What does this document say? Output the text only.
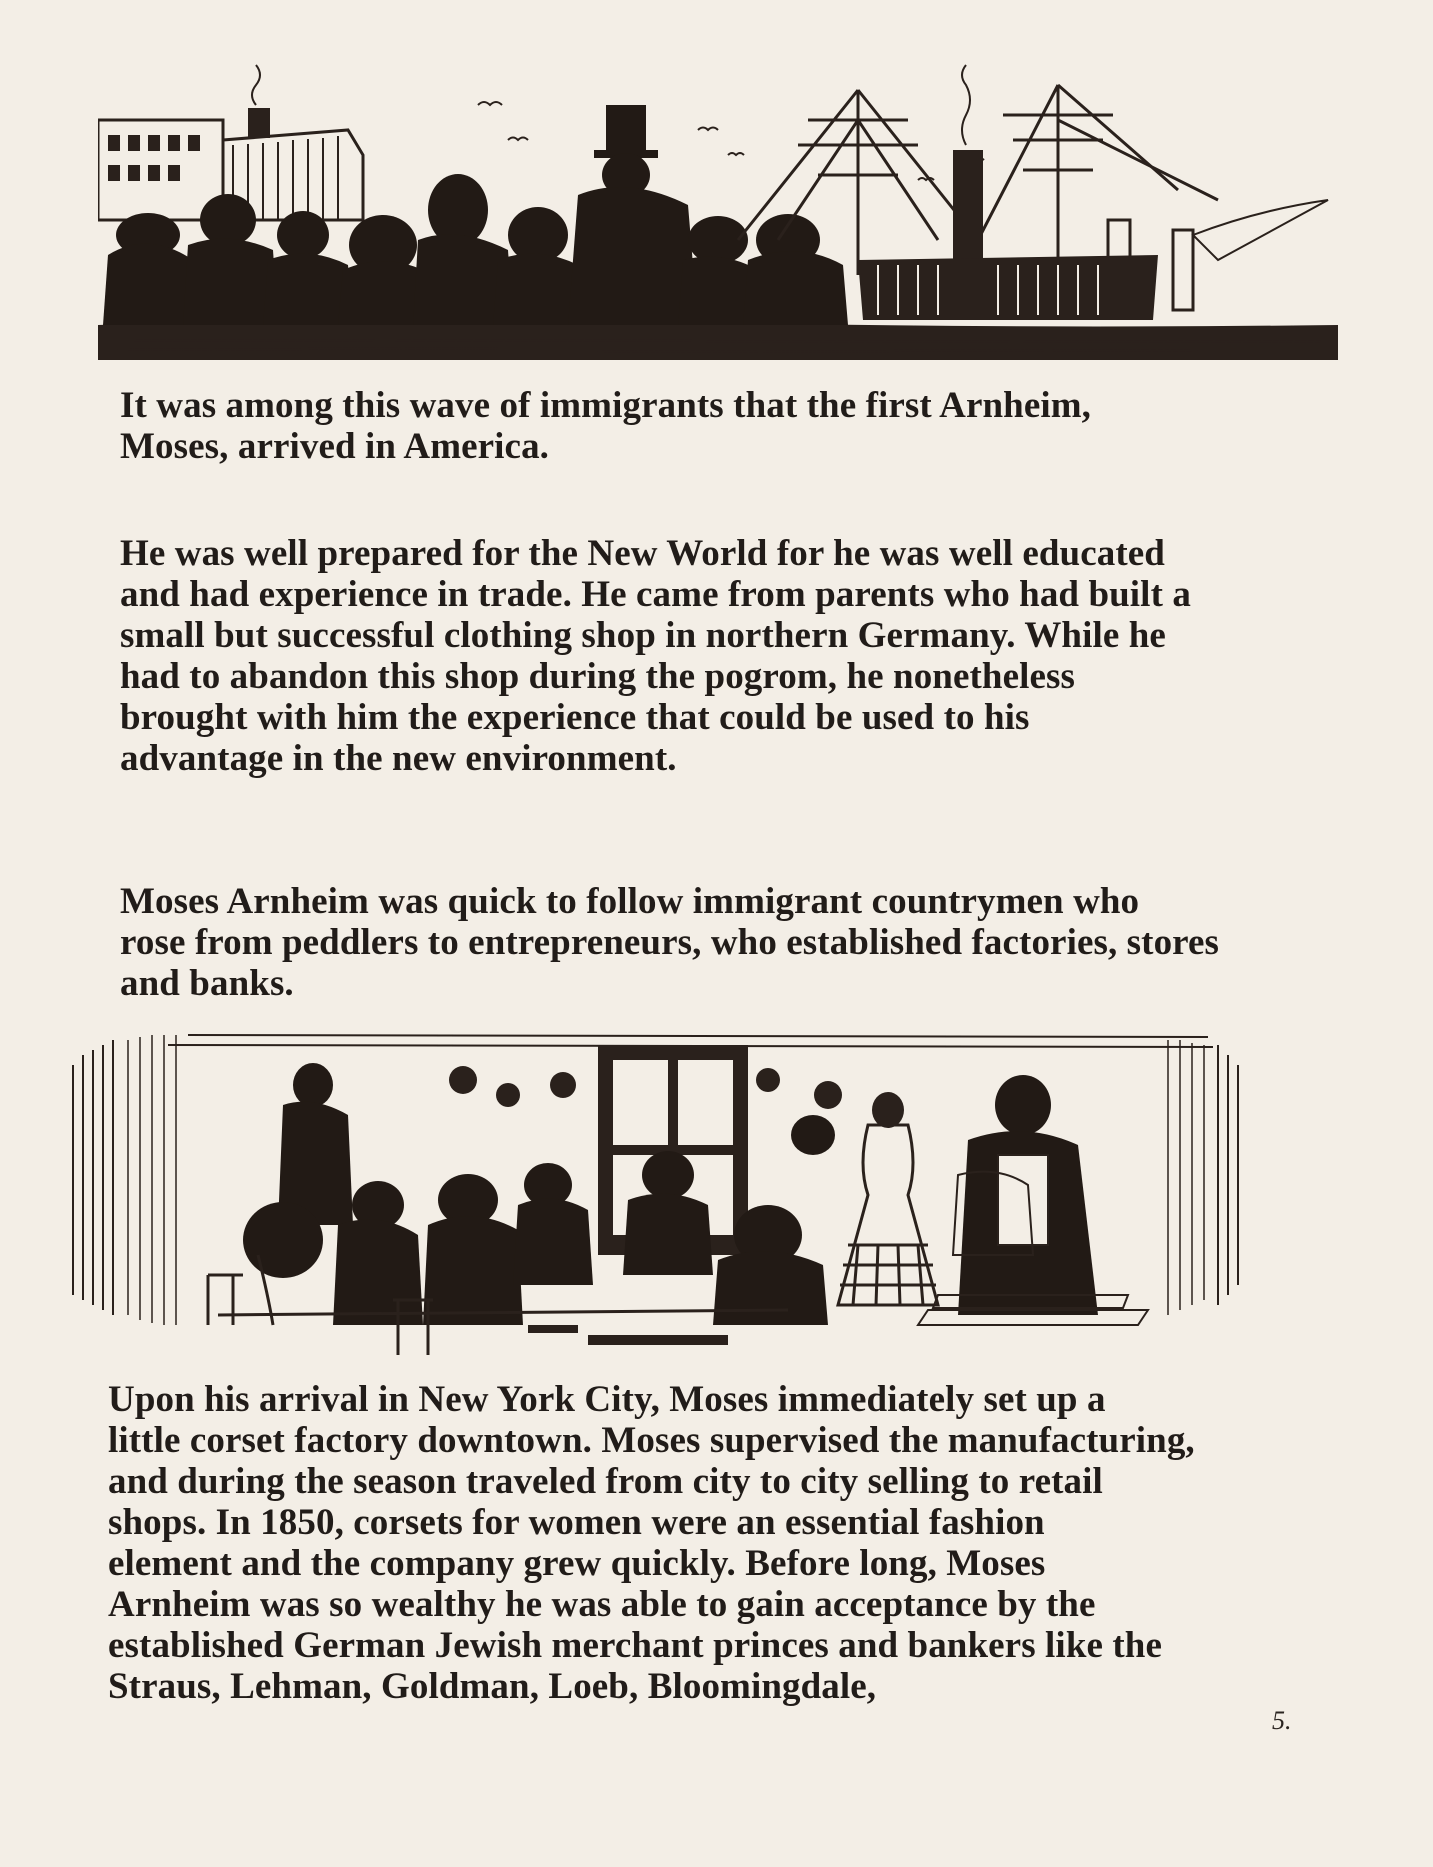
It was among this wave of immigrants that the first Arnheim,
Moses, arrived in America.

He was well prepared for the New World for he was well educated
and had experience in trade. He came from parents who had built a
small but successful clothing shop in northern Germany. While he
had to abandon this shop during the pogrom, he nonetheless
brought with him the experience that could be used to his
advantage in the new environment.

Moses Arnheim was quick to follow immigrant countrymen who
rose from peddlers to entrepreneurs, who established factories, stores
and banks.

Upon his arrival in New York City, Moses immediately set up a
little corset factory downtown. Moses supervised the manufacturing,
and during the season traveled from city to city selling to retail
shops. In 1850, corsets for women were an essential fashion
element and the company grew quickly. Before long, Moses
Arnheim was so wealthy he was able to gain acceptance by the
established German Jewish merchant princes and bankers like the
Straus, Lehman, Goldman, Loeb, Bloomingdale,

5.
